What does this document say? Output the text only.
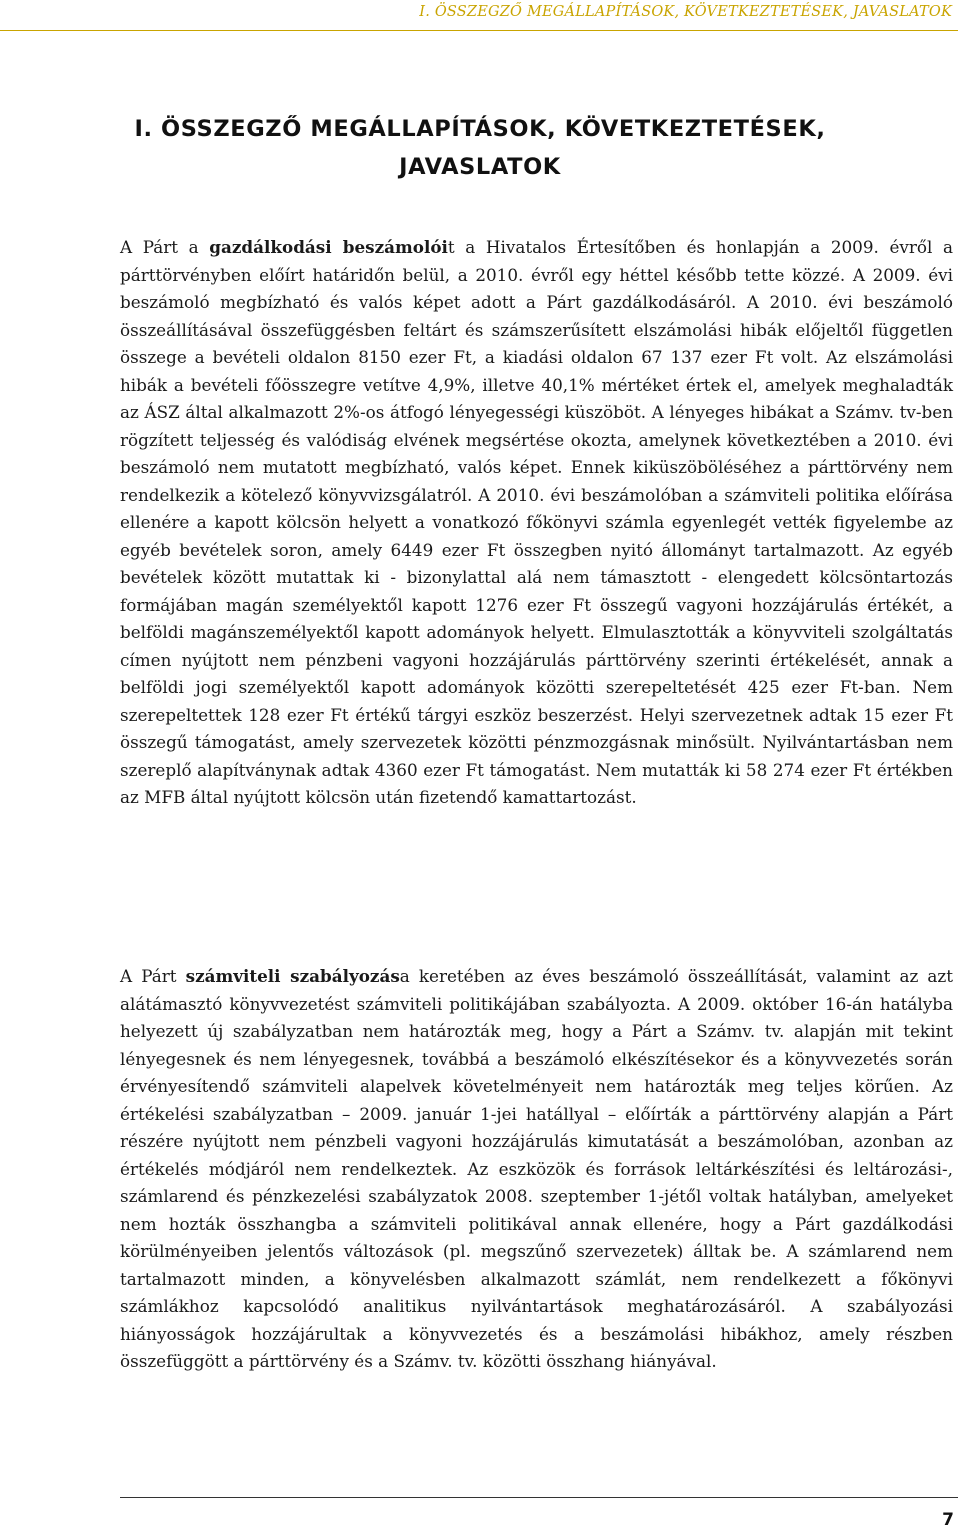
I. ÖSSZEGZŐ MEGÁLLAPÍTÁSOK, KÖVETKEZTETÉSEK, JAVASLATOK
I. ÖSSZEGZŐ MEGÁLLAPÍTÁSOK, KÖVETKEZTETÉSEK, JAVASLATOK

A Párt a gazdálkodási beszámolóit a Hivatalos Értesítőben és honlapján a 2009. évről a párttörvényben előírt határidőn belül, a 2010. évről egy héttel később tette közzé. A 2009. évi beszámoló megbízható és valós képet adott a Párt gazdálkodásáról. A 2010. évi beszámoló összeállításával összefüggésben feltárt és számszerűsített elszámolási hibák előjeltől független összege a bevételi oldalon 8150 ezer Ft, a kiadási oldalon 67 137 ezer Ft volt. Az elszámolási hibák a bevételi főösszegre vetítve 4,9%, illetve 40,1% mértéket értek el, amelyek meghaladták az ÁSZ által alkalmazott 2%-os átfogó lényegességi küszöböt. A lényeges hibákat a Számv. tv-ben rögzített teljesség és valódiság elvének megsértése okozta, amelynek következtében a 2010. évi beszámoló nem mutatott megbízható, valós képet. Ennek kiküszöböléséhez a párttörvény nem rendelkezik a kötelező könyvvizsgálatról. A 2010. évi beszámolóban a számviteli politika előírása ellenére a kapott kölcsön helyett a vonatkozó főkönyvi számla egyenlegét vették figyelembe az egyéb bevételek soron, amely 6449 ezer Ft összegben nyitó állományt tartalmazott. Az egyéb bevételek között mutattak ki - bizonylattal alá nem támasztott - elengedett kölcsöntartozás formájában magán személyektől kapott 1276 ezer Ft összegű vagyoni hozzájárulás értékét, a belföldi magánszemélyektől kapott adományok helyett. Elmulasztották a könyvviteli szolgáltatás címen nyújtott nem pénzbeni vagyoni hozzájárulás párttörvény szerinti értékelését, annak a belföldi jogi személyektől kapott adományok közötti szerepeltetését 425 ezer Ft-ban. Nem szerepeltettek 128 ezer Ft értékű tárgyi eszköz beszerzést. Helyi szervezetnek adtak 15 ezer Ft összegű támogatást, amely szervezetek közötti pénzmozgásnak minősült. Nyilvántartásban nem szereplő alapítványnak adtak 4360 ezer Ft támogatást. Nem mutatták ki 58 274 ezer Ft értékben az MFB által nyújtott kölcsön után fizetendő kamattartozást.

A Párt számviteli szabályozása keretében az éves beszámoló összeállítását, valamint az azt alátámasztó könyvvezetést számviteli politikájában szabályozta. A 2009. október 16-án hatályba helyezett új szabályzatban nem határozták meg, hogy a Párt a Számv. tv. alapján mit tekint lényegesnek és nem lényegesnek, továbbá a beszámoló elkészítésekor és a könyvvezetés során érvényesítendő számviteli alapelvek követelményeit nem határozták meg teljes körűen. Az értékelési szabályzatban – 2009. január 1-jei hatállyal – előírták a párttörvény alapján a Párt részére nyújtott nem pénzbeli vagyoni hozzájárulás kimutatását a beszámolóban, azonban az értékelés módjáról nem rendelkeztek. Az eszközök és források leltárkészítési és leltározási-, számlarend és pénzkezelési szabályzatok 2008. szeptember 1-jétől voltak hatályban, amelyeket nem hozták összhangba a számviteli politikával annak ellenére, hogy a Párt gazdálkodási körülményeiben jelentős változások (pl. megszűnő szervezetek) álltak be. A számlarend nem tartalmazott minden, a könyvelésben alkalmazott számlát, nem rendelkezett a főkönyvi számlákhoz kapcsolódó analitikus nyilvántartások meghatározásáról. A szabályozási hiányosságok hozzájárultak a könyvvezetés és a beszámolási hibákhoz, amely részben összefüggött a párttörvény és a Számv. tv. közötti összhang hiányával.

7
